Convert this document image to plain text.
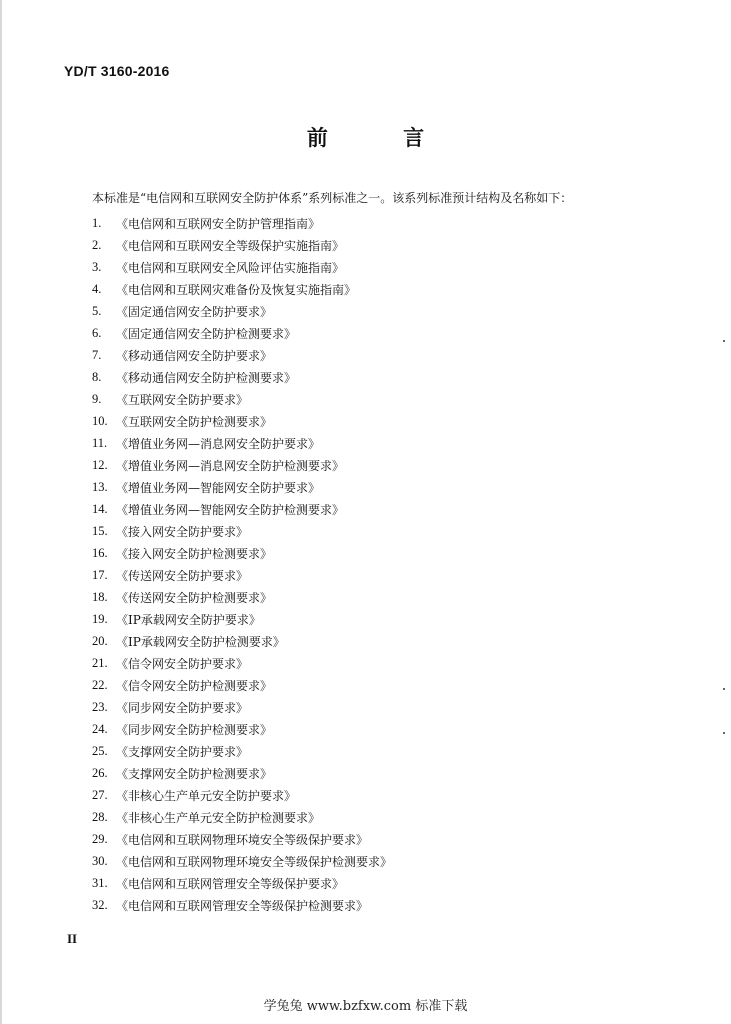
YD/T 3160-2016
前 言
本标准是“电信网和互联网安全防护体系”系列标准之一。该系列标准预计结构及名称如下：
1.	《电信网和互联网安全防护管理指南》
2.	《电信网和互联网安全等级保护实施指南》
3.	《电信网和互联网安全风险评估实施指南》
4.	《电信网和互联网灾难备份及恢复实施指南》
5.	《固定通信网安全防护要求》
6.	《固定通信网安全防护检测要求》
7.	《移动通信网安全防护要求》
8.	《移动通信网安全防护检测要求》
9.	《互联网安全防护要求》
10. 《互联网安全防护检测要求》
11. 《增值业务网—消息网安全防护要求》
12. 《增值业务网—消息网安全防护检测要求》
13. 《增值业务网—智能网安全防护要求》
14. 《增值业务网—智能网安全防护检测要求》
15. 《接入网安全防护要求》
16. 《接入网安全防护检测要求》
17. 《传送网安全防护要求》
18. 《传送网安全防护检测要求》
19. 《IP承载网安全防护要求》
20. 《IP承载网安全防护检测要求》
21. 《信令网安全防护要求》
22. 《信令网安全防护检测要求》
23. 《同步网安全防护要求》
24. 《同步网安全防护检测要求》
25. 《支撑网安全防护要求》
26. 《支撑网安全防护检测要求》
27. 《非核心生产单元安全防护要求》
28. 《非核心生产单元安全防护检测要求》
29. 《电信网和互联网物理环境安全等级保护要求》
30. 《电信网和互联网物理环境安全等级保护检测要求》
31. 《电信网和互联网管理安全等级保护要求》
32. 《电信网和互联网管理安全等级保护检测要求》
II
学兔兔 www.bzfxw.com 标准下载
